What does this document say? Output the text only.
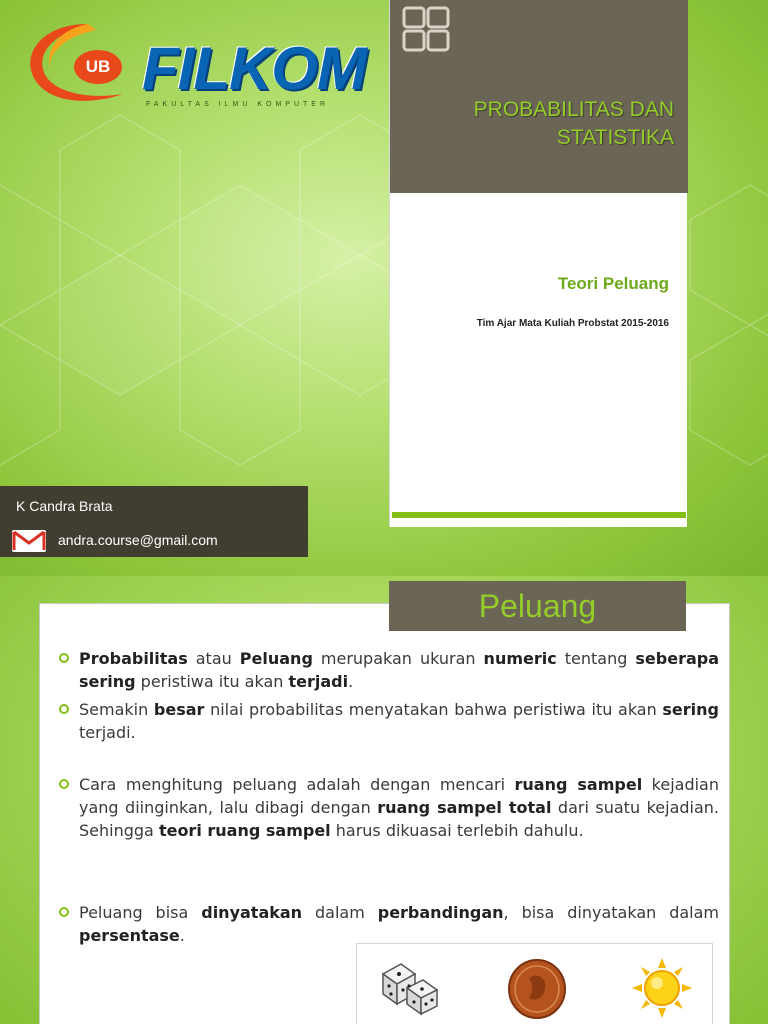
UB FILKOM
FAKULTAS ILMU KOMPUTER	PROBABILITAS DAN STATISTIKA
Teori Peluang
Tim Ajar Mata Kuliah Probstat 2015-2016
K Candra Brata
andra.course@gmail.com
Peluang
Probabilitas atau Peluang merupakan ukuran numeric tentang seberapa sering peristiwa itu akan terjadi.
Semakin besar nilai probabilitas menyatakan bahwa peristiwa itu akan sering terjadi.
Cara menghitung peluang adalah dengan mencari ruang sampel kejadian yang diinginkan, lalu dibagi dengan ruang sampel total dari suatu kejadian. Sehingga teori ruang sampel harus dikuasai terlebih dahulu.
Peluang bisa dinyatakan dalam perbandingan, bisa dinyatakan dalam persentase.
